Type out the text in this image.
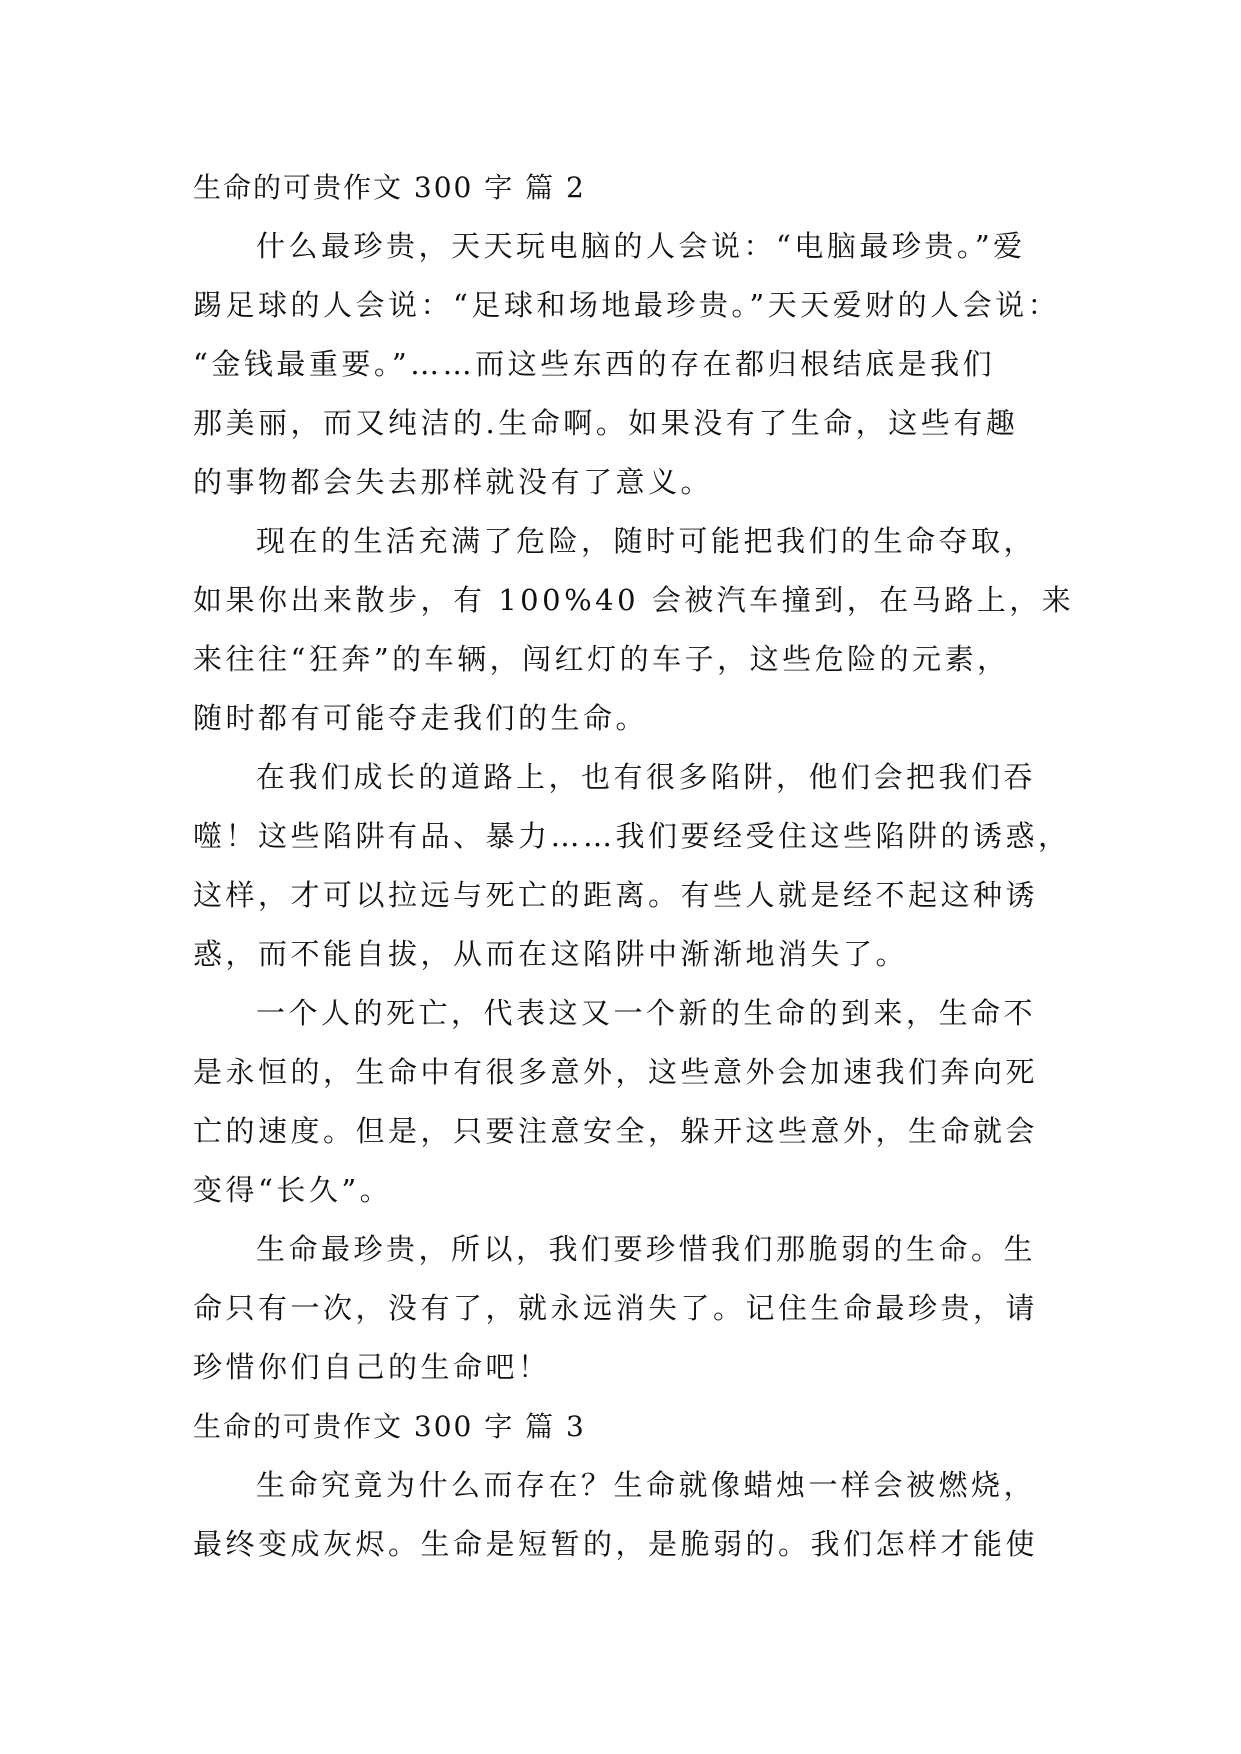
生命的可贵作文 300 字 篇 2

什么最珍贵，天天玩电脑的人会说：“电脑最珍贵。”爱
踢足球的人会说：“足球和场地最珍贵。”天天爱财的人会说：
“金钱最重要。”……而这些东西的存在都归根结底是我们
那美丽，而又纯洁的.生命啊。如果没有了生命，这些有趣
的事物都会失去那样就没有了意义。

现在的生活充满了危险，随时可能把我们的生命夺取，
如果你出来散步，有 100%40 会被汽车撞到，在马路上，来
来往往“狂奔”的车辆，闯红灯的车子，这些危险的元素，
随时都有可能夺走我们的生命。

在我们成长的道路上，也有很多陷阱，他们会把我们吞
噬！这些陷阱有品、暴力……我们要经受住这些陷阱的诱惑，
这样，才可以拉远与死亡的距离。有些人就是经不起这种诱
惑，而不能自拔，从而在这陷阱中渐渐地消失了。

一个人的死亡，代表这又一个新的生命的到来，生命不
是永恒的，生命中有很多意外，这些意外会加速我们奔向死
亡的速度。但是，只要注意安全，躲开这些意外，生命就会
变得“长久”。

生命最珍贵，所以，我们要珍惜我们那脆弱的生命。生
命只有一次，没有了，就永远消失了。记住生命最珍贵，请
珍惜你们自己的生命吧！

生命的可贵作文 300 字 篇 3

生命究竟为什么而存在？生命就像蜡烛一样会被燃烧，
最终变成灰烬。生命是短暂的，是脆弱的。我们怎样才能使
